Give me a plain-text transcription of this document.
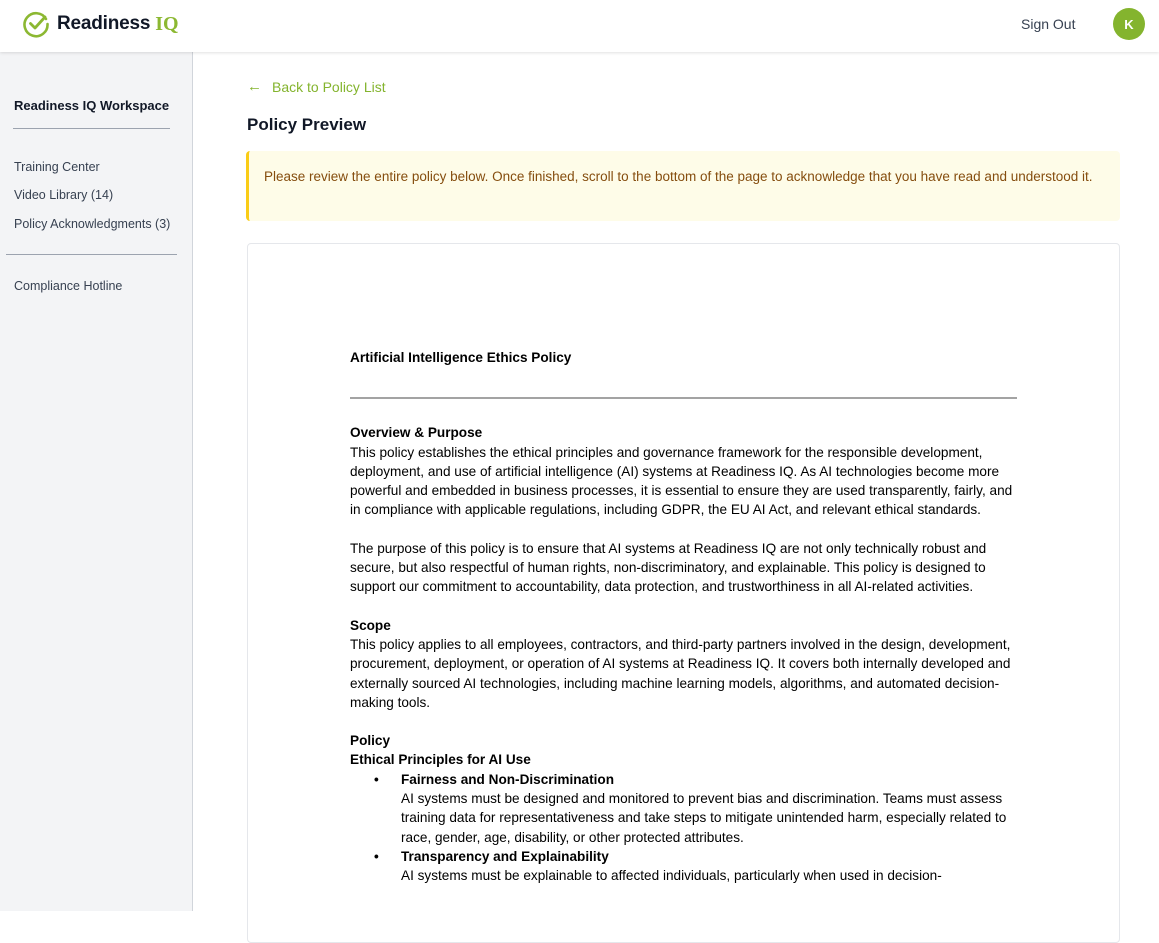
Readiness IQ	Sign Out	K
Readiness IQ Workspace
Training Center
Video Library (14)
Policy Acknowledgments (3)
Compliance Hotline
← Back to Policy List
Policy Preview
Please review the entire policy below. Once finished, scroll to the bottom of the page to acknowledge that you have read and understood it.
Artificial Intelligence Ethics Policy
Overview & Purpose
This policy establishes the ethical principles and governance framework for the responsible development, deployment, and use of artificial intelligence (AI) systems at Readiness IQ. As AI technologies become more powerful and embedded in business processes, it is essential to ensure they are used transparently, fairly, and in compliance with applicable regulations, including GDPR, the EU AI Act, and relevant ethical standards.
The purpose of this policy is to ensure that AI systems at Readiness IQ are not only technically robust and secure, but also respectful of human rights, non-discriminatory, and explainable. This policy is designed to support our commitment to accountability, data protection, and trustworthiness in all AI-related activities.
Scope
This policy applies to all employees, contractors, and third-party partners involved in the design, development, procurement, deployment, or operation of AI systems at Readiness IQ. It covers both internally developed and externally sourced AI technologies, including machine learning models, algorithms, and automated decision-making tools.
Policy
Ethical Principles for AI Use
• Fairness and Non-Discrimination
AI systems must be designed and monitored to prevent bias and discrimination. Teams must assess training data for representativeness and take steps to mitigate unintended harm, especially related to race, gender, age, disability, or other protected attributes.
• Transparency and Explainability
AI systems must be explainable to affected individuals, particularly when used in decision-
